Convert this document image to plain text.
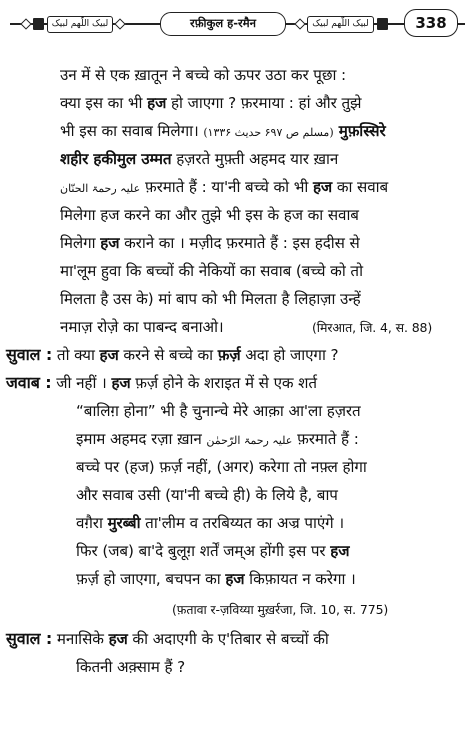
لبیک اللّٰھم لبیک	रफ़ीकुल ह-रमैन	لبیک اللّٰھم لبیک	338
उन में से एक ख़ातून ने बच्चे को ऊपर उठा कर पूछा :
क्या इस का भी हज हो जाएगा ? फ़रमाया : हां और तुझे
भी इस का सवाब मिलेगा। (مسلم ص ۶۹۷ حدیث ۱۳۳۶) मुफ़स्सिरे
शहीर हकीमुल उम्मत हज़रते मुफ़्ती अहमद यार ख़ान
علیہ رحمۃ الحنّان फ़रमाते हैं : या'नी बच्चे को भी हज का सवाब
मिलेगा हज करने का और तुझे भी इस के हज का सवाब
मिलेगा हज कराने का । मज़ीद फ़रमाते हैं : इस हदीस से
मा'लूम हुवा कि बच्चों की नेकियों का सवाब (बच्चे को तो
मिलता है उस के) मां बाप को भी मिलता है लिहाज़ा उन्हें
नमाज़ रोज़े का पाबन्द बनाओ।	(मिरआत, जि. 4, स. 88)
सुवाल : तो क्या हज करने से बच्चे का फ़र्ज़ अदा हो जाएगा ?
जवाब : जी नहीं । हज फ़र्ज़ होने के शराइत में से एक शर्त
“बालिग़ होना” भी है चुनान्चे मेरे आक़ा आ'ला हज़रत
इमाम अहमद रज़ा ख़ान علیہ رحمۃ الرّحمٰن फ़रमाते हैं :
बच्चे पर (हज) फ़र्ज़ नहीं, (अगर) करेगा तो नफ़्ल होगा
और सवाब उसी (या'नी बच्चे ही) के लिये है, बाप
वग़ैरा मुरब्बी ता'लीम व तरबिय्यत का अज्र पाएंगे ।
फिर (जब) बा'दे बुलूग़ शर्तें जम्अ होंगी इस पर हज
फ़र्ज़ हो जाएगा, बचपन का हज किफ़ायत न करेगा ।
(फ़तावा र-ज़विय्या मुख़र्रजा, जि. 10, स. 775)
सुवाल : मनासिके हज की अदाएगी के ए'तिबार से बच्चों की
कितनी अक़्साम हैं ?
